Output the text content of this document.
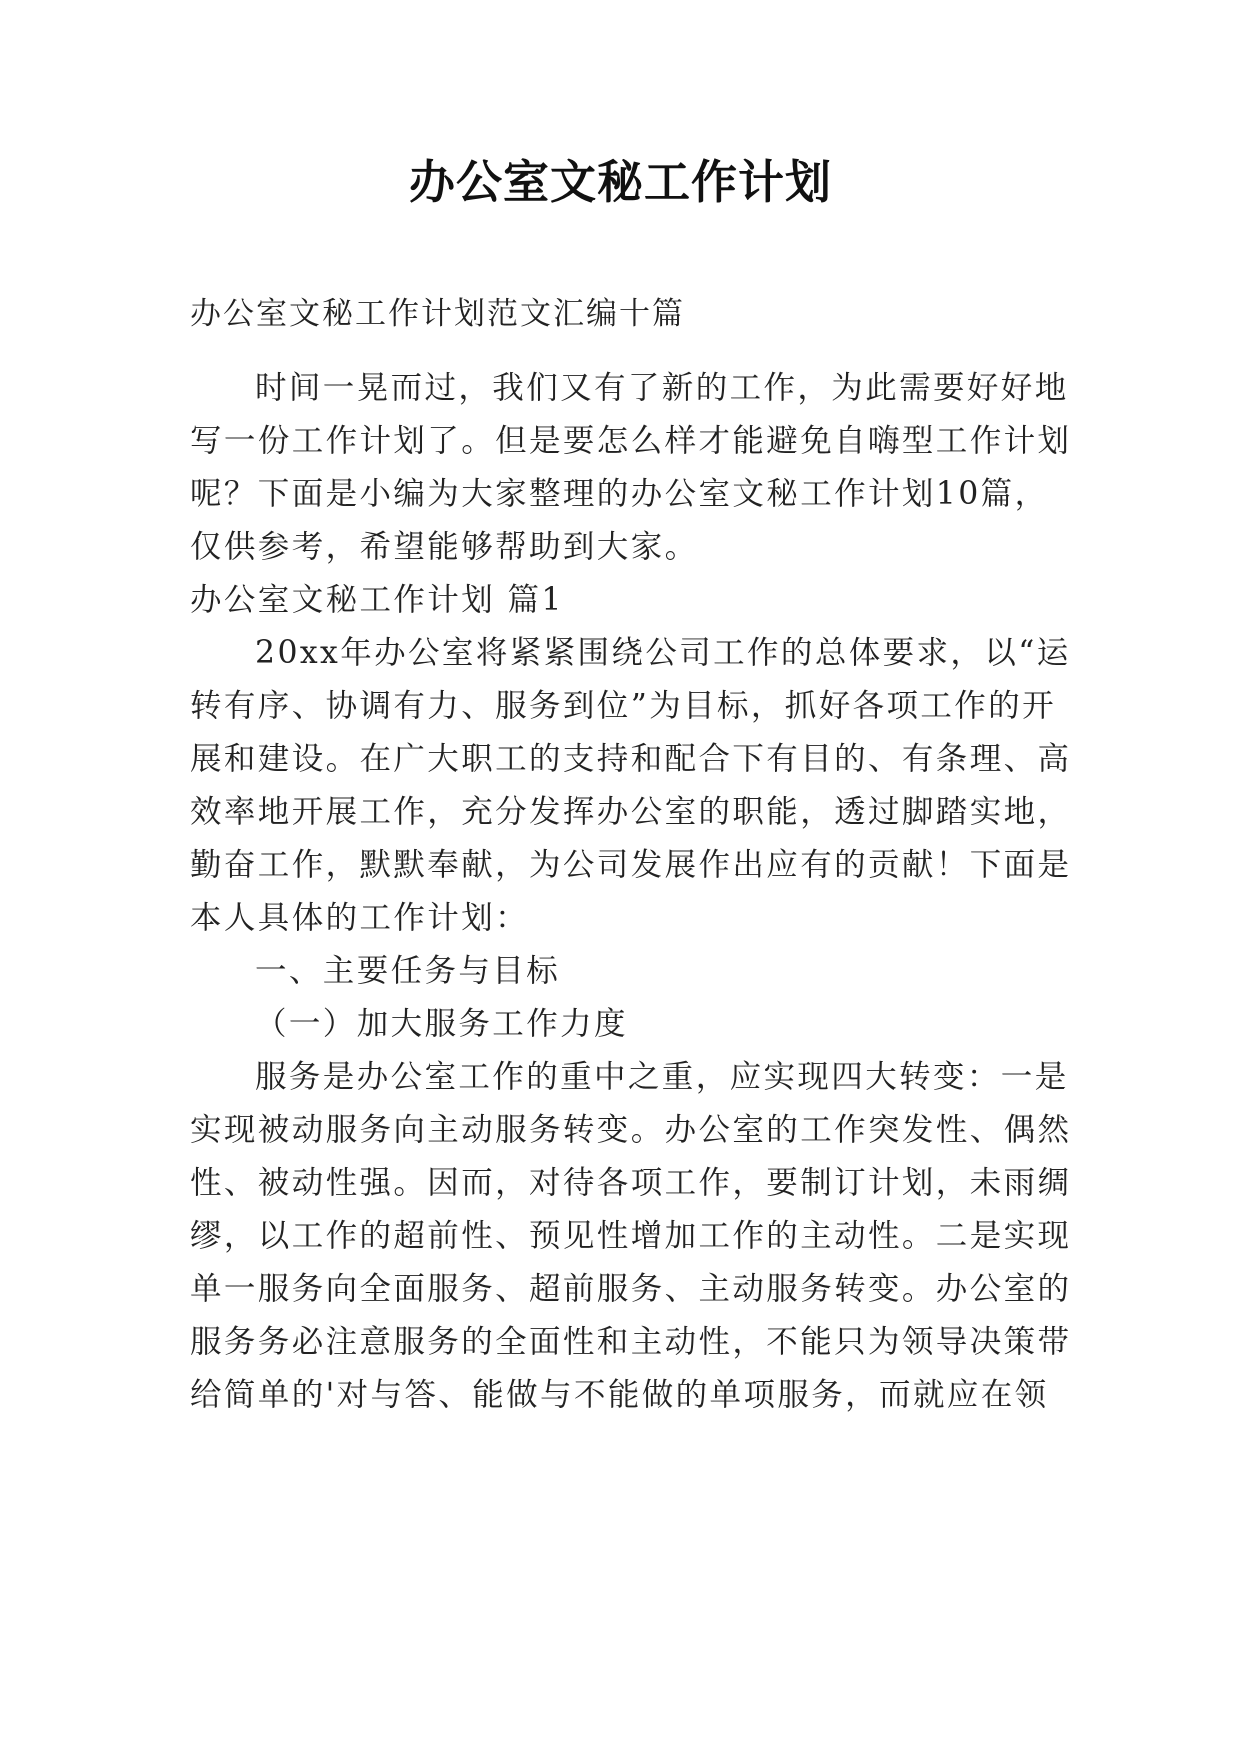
办公室文秘工作计划
办公室文秘工作计划范文汇编十篇
时间一晃而过，我们又有了新的工作，为此需要好好地
写一份工作计划了。但是要怎么样才能避免自嗨型工作计划
呢？下面是小编为大家整理的办公室文秘工作计划10篇，
仅供参考，希望能够帮助到大家。
办公室文秘工作计划 篇1
20xx年办公室将紧紧围绕公司工作的总体要求，以“运
转有序、协调有力、服务到位”为目标，抓好各项工作的开
展和建设。在广大职工的支持和配合下有目的、有条理、高
效率地开展工作，充分发挥办公室的职能，透过脚踏实地，
勤奋工作，默默奉献，为公司发展作出应有的贡献！下面是
本人具体的工作计划：
一、主要任务与目标
（一）加大服务工作力度
服务是办公室工作的重中之重，应实现四大转变：一是
实现被动服务向主动服务转变。办公室的工作突发性、偶然
性、被动性强。因而，对待各项工作，要制订计划，未雨绸
缪，以工作的超前性、预见性增加工作的主动性。二是实现
单一服务向全面服务、超前服务、主动服务转变。办公室的
服务务必注意服务的全面性和主动性，不能只为领导决策带
给简单的'对与答、能做与不能做的单项服务，而就应在领
